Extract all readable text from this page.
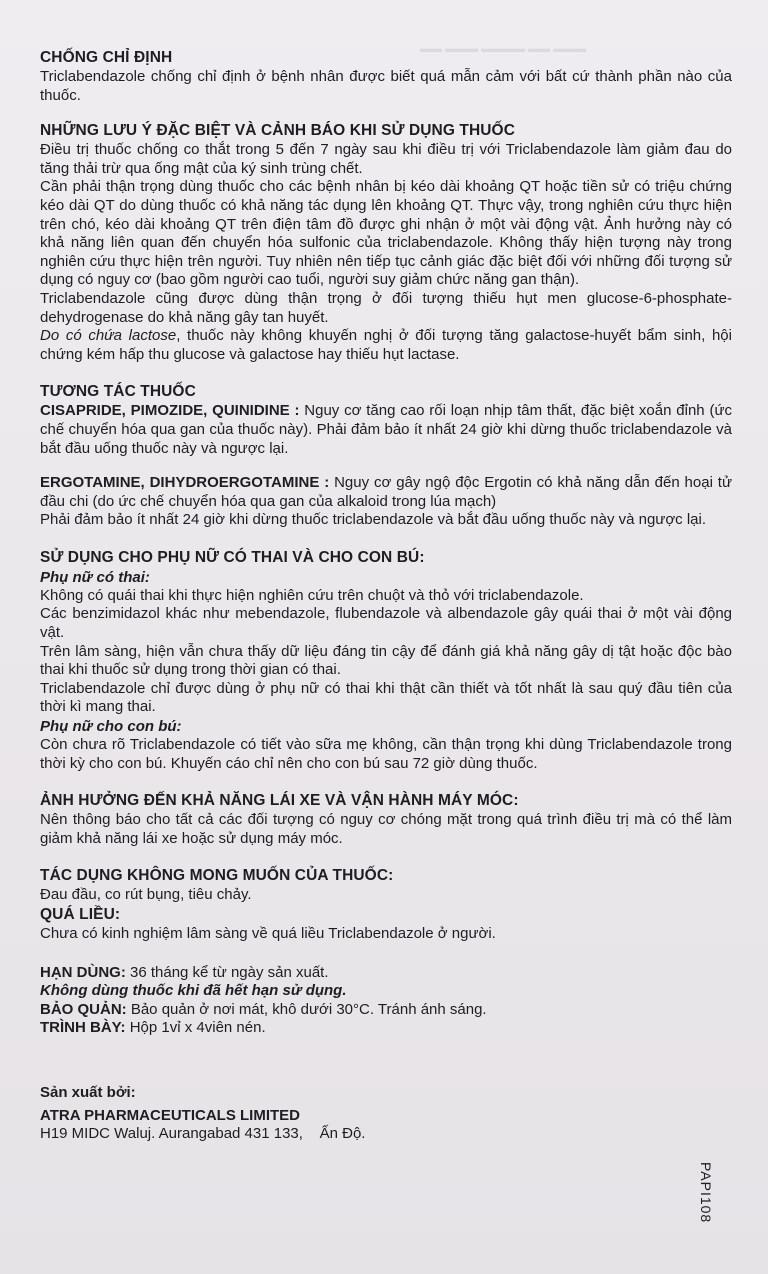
▬▬▬ ▬▬ ▬▬▬▬ ▬▬▬ ▬▬
CHỐNG CHỈ ĐỊNH

Triclabendazole chống chỉ định ở bệnh nhân được biết quá mẫn cảm với bất cứ thành phần nào của thuốc.

NHỮNG LƯU Ý ĐẶC BIỆT VÀ CẢNH BÁO KHI SỬ DỤNG THUỐC

Điều trị thuốc chống co thắt trong 5 đến 7 ngày sau khi điều trị với Triclabendazole làm giảm đau do tăng thải trừ qua ống mật của ký sinh trùng chết.

Cần phải thận trọng dùng thuốc cho các bệnh nhân bị kéo dài khoảng QT hoặc tiền sử có triệu chứng kéo dài QT do dùng thuốc có khả năng tác dụng lên khoảng QT. Thực vậy, trong nghiên cứu thực hiện trên chó, kéo dài khoảng QT trên điện tâm đồ được ghi nhận ở một vài động vật. Ảnh hưởng này có khả năng liên quan đến chuyển hóa sulfonic của triclabendazole. Không thấy hiện tượng này trong nghiên cứu thực hiện trên người. Tuy nhiên nên tiếp tục cảnh giác đặc biệt đối với những đối tượng sử dụng có nguy cơ (bao gồm người cao tuổi, người suy giảm chức năng gan thận).

Triclabendazole cũng được dùng thận trọng ở đối tượng thiếu hụt men glucose-6-phosphate-dehydrogenase do khả năng gây tan huyết.

Do có chứa lactose, thuốc này không khuyến nghị ở đối tượng tăng galactose-huyết bẩm sinh, hội chứng kém hấp thu glucose và galactose hay thiếu hụt lactase.

TƯƠNG TÁC THUỐC

CISAPRIDE, PIMOZIDE, QUINIDINE : Nguy cơ tăng cao rối loạn nhịp tâm thất, đặc biệt xoắn đỉnh (ức chế chuyển hóa qua gan của thuốc này). Phải đảm bảo ít nhất 24 giờ khi dừng thuốc triclabendazole và bắt đầu uống thuốc này và ngược lại.

ERGOTAMINE, DIHYDROERGOTAMINE : Nguy cơ gây ngộ độc Ergotin có khả năng dẫn đến hoại tử đầu chi (do ức chế chuyển hóa qua gan của alkaloid trong lúa mạch)

Phải đảm bảo ít nhất 24 giờ khi dừng thuốc triclabendazole và bắt đầu uống thuốc này và ngược lại.

SỬ DỤNG CHO PHỤ NỮ CÓ THAI VÀ CHO CON BÚ:
Phụ nữ có thai:

Không có quái thai khi thực hiện nghiên cứu trên chuột và thỏ với triclabendazole.

Các benzimidazol khác như mebendazole, flubendazole và albendazole gây quái thai ở một vài động vật.

Trên lâm sàng, hiện vẫn chưa thấy dữ liệu đáng tin cậy để đánh giá khả năng gây dị tật hoặc độc bào thai khi thuốc sử dụng trong thời gian có thai.

Triclabendazole chỉ được dùng ở phụ nữ có thai khi thật cần thiết và tốt nhất là sau quý đầu tiên của thời kì mang thai.

Phụ nữ cho con bú:

Còn chưa rõ Triclabendazole có tiết vào sữa mẹ không, cần thận trọng khi dùng Triclabendazole trong thời kỳ cho con bú. Khuyến cáo chỉ nên cho con bú sau 72 giờ dùng thuốc.

ẢNH HƯỞNG ĐẾN KHẢ NĂNG LÁI XE VÀ VẬN HÀNH MÁY MÓC:

Nên thông báo cho tất cả các đối tượng có nguy cơ chóng mặt trong quá trình điều trị mà có thể làm giảm khả năng lái xe hoặc sử dụng máy móc.

TÁC DỤNG KHÔNG MONG MUỐN CỦA THUỐC:

Đau đầu, co rút bụng, tiêu chảy.

QUÁ LIỀU:

Chưa có kinh nghiệm lâm sàng về quá liều Triclabendazole ở người.

HẠN DÙNG: 36 tháng kể từ ngày sản xuất.

Không dùng thuốc khi đã hết hạn sử dụng.

BẢO QUẢN: Bảo quản ở nơi mát, khô dưới 30°C. Tránh ánh sáng.

TRÌNH BÀY: Hộp 1vỉ x 4viên nén.

Sản xuất bởi:

ATRA PHARMACEUTICALS LIMITED

H19 MIDC Waluj. Aurangabad 431 133,    Ấn Độ.

PAPI108
